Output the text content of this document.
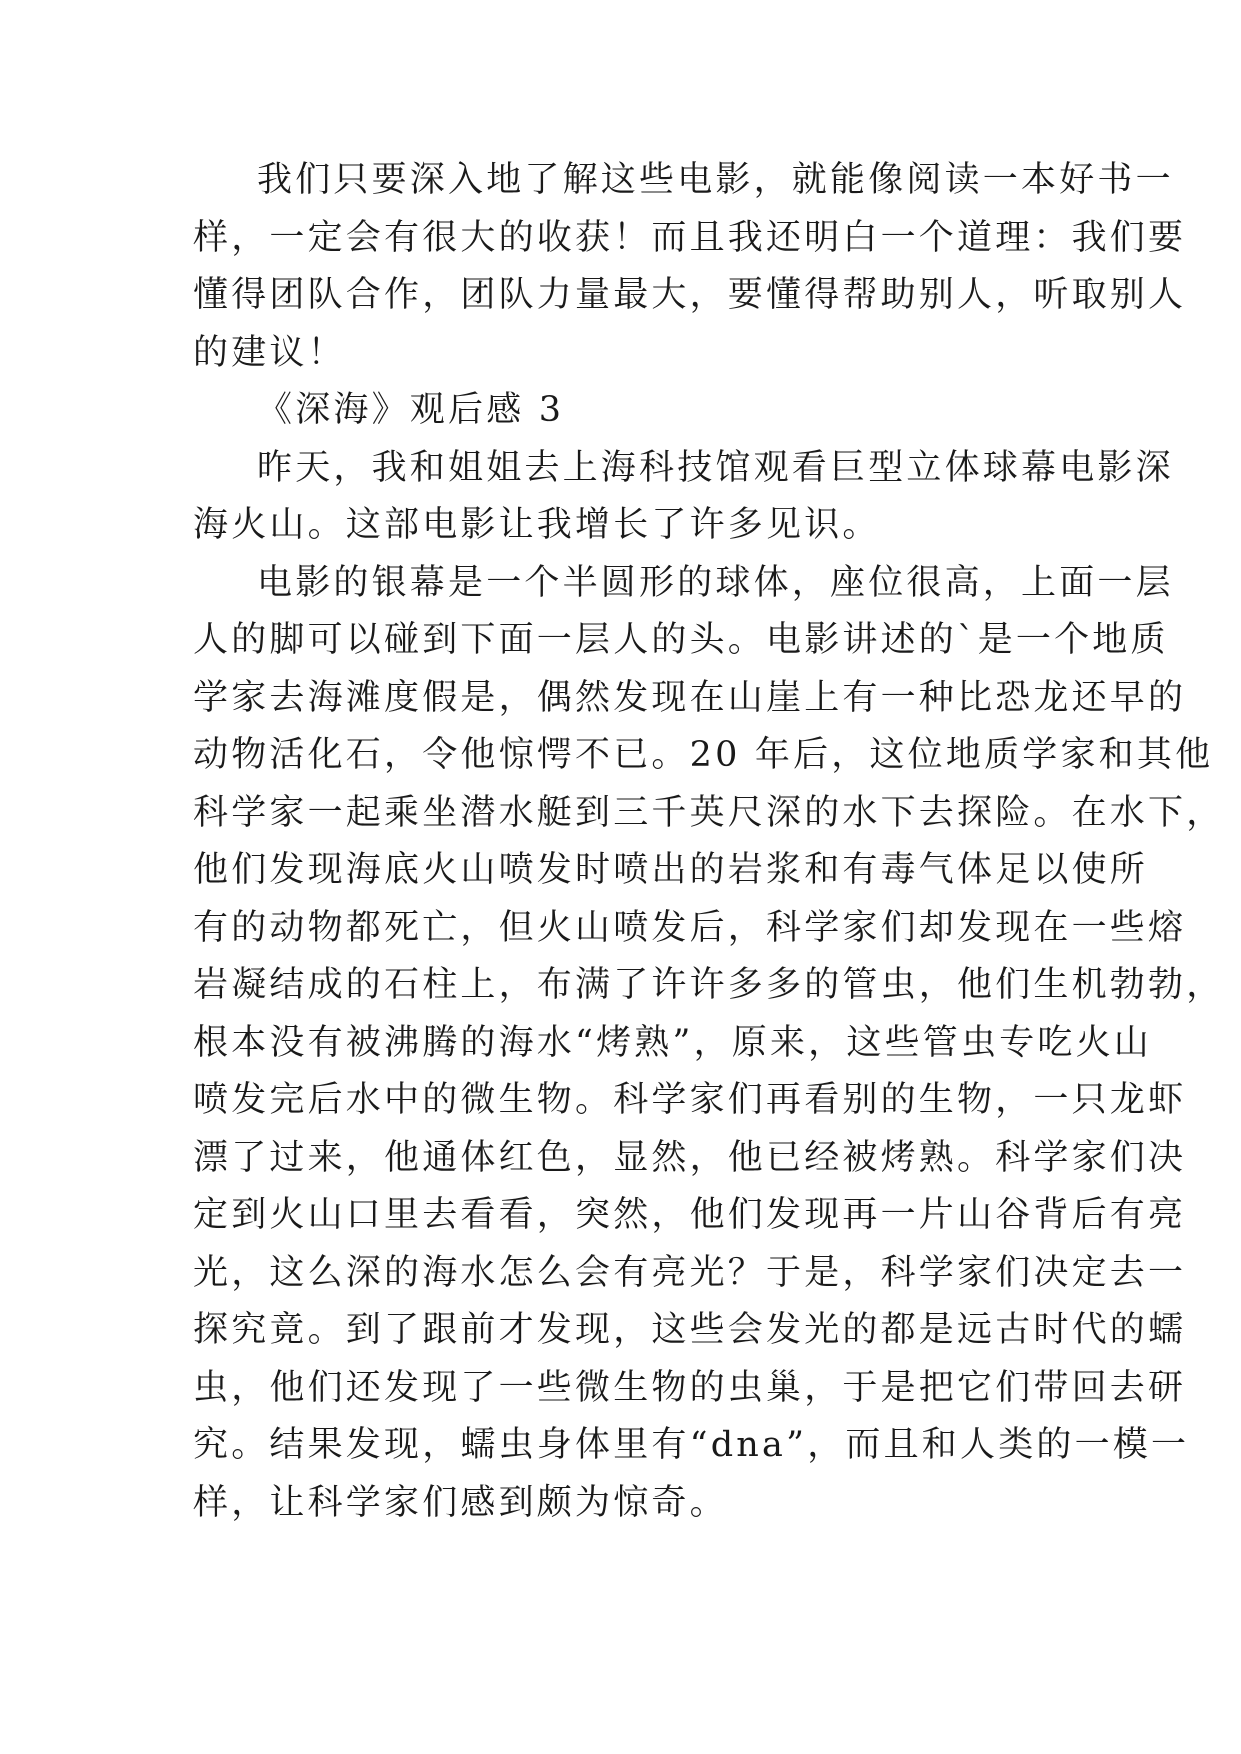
我们只要深入地了解这些电影，就能像阅读一本好书一
样，一定会有很大的收获！而且我还明白一个道理：我们要
懂得团队合作，团队力量最大，要懂得帮助别人，听取别人
的建议！
《深海》观后感 3
昨天，我和姐姐去上海科技馆观看巨型立体球幕电影深
海火山。这部电影让我增长了许多见识。
电影的银幕是一个半圆形的球体，座位很高，上面一层
人的脚可以碰到下面一层人的头。电影讲述的`是一个地质
学家去海滩度假是，偶然发现在山崖上有一种比恐龙还早的
动物活化石，令他惊愕不已。20 年后，这位地质学家和其他
科学家一起乘坐潜水艇到三千英尺深的水下去探险。在水下，
他们发现海底火山喷发时喷出的岩浆和有毒气体足以使所
有的动物都死亡，但火山喷发后，科学家们却发现在一些熔
岩凝结成的石柱上，布满了许许多多的管虫，他们生机勃勃，
根本没有被沸腾的海水“烤熟”，原来，这些管虫专吃火山
喷发完后水中的微生物。科学家们再看别的生物，一只龙虾
漂了过来，他通体红色，显然，他已经被烤熟。科学家们决
定到火山口里去看看，突然，他们发现再一片山谷背后有亮
光，这么深的海水怎么会有亮光？于是，科学家们决定去一
探究竟。到了跟前才发现，这些会发光的都是远古时代的蠕
虫，他们还发现了一些微生物的虫巢，于是把它们带回去研
究。结果发现，蠕虫身体里有“dna”，而且和人类的一模一
样，让科学家们感到颇为惊奇。
